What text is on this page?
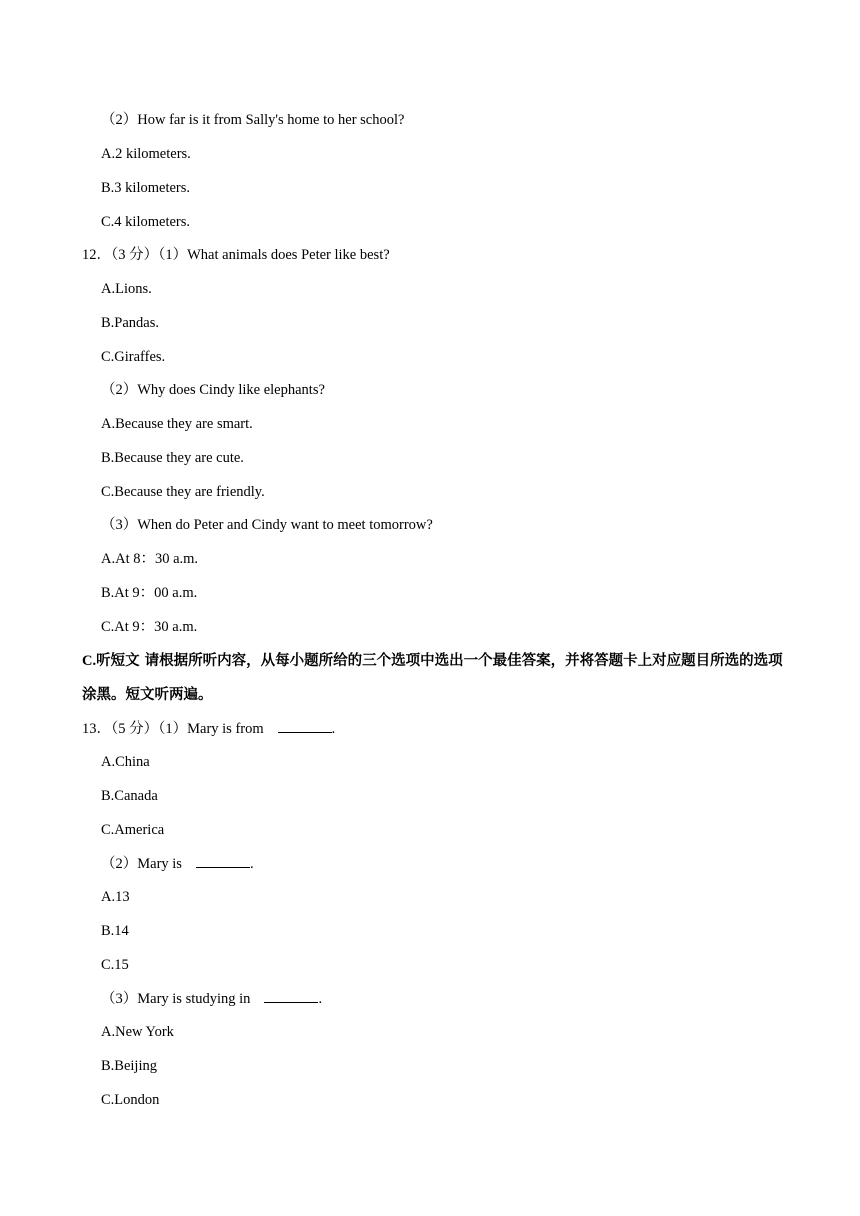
（2）How far is it from Sally's home to her school?
A.2 kilometers.
B.3 kilometers.
C.4 kilometers.
12．（3 分）（1）What animals does Peter like best?
A.Lions.
B.Pandas.
C.Giraffes.
（2）Why does Cindy like elephants?
A.Because they are smart.
B.Because they are cute.
C.Because they are friendly.
（3）When do Peter and Cindy want to meet tomorrow?
A.At 8：30 a.m.
B.At 9：00 a.m.
C.At 9：30 a.m.
C.听短文 请根据所听内容，从每小题所给的三个选项中选出一个最佳答案，并将答题卡上对应题目所选的选项涂黑。短文听两遍。
13．（5 分）（1）Mary is from	.
A.China
B.Canada
C.America
（2）Mary is	.
A.13
B.14
C.15
（3）Mary is studying in	.
A.New York
B.Beijing
C.London
